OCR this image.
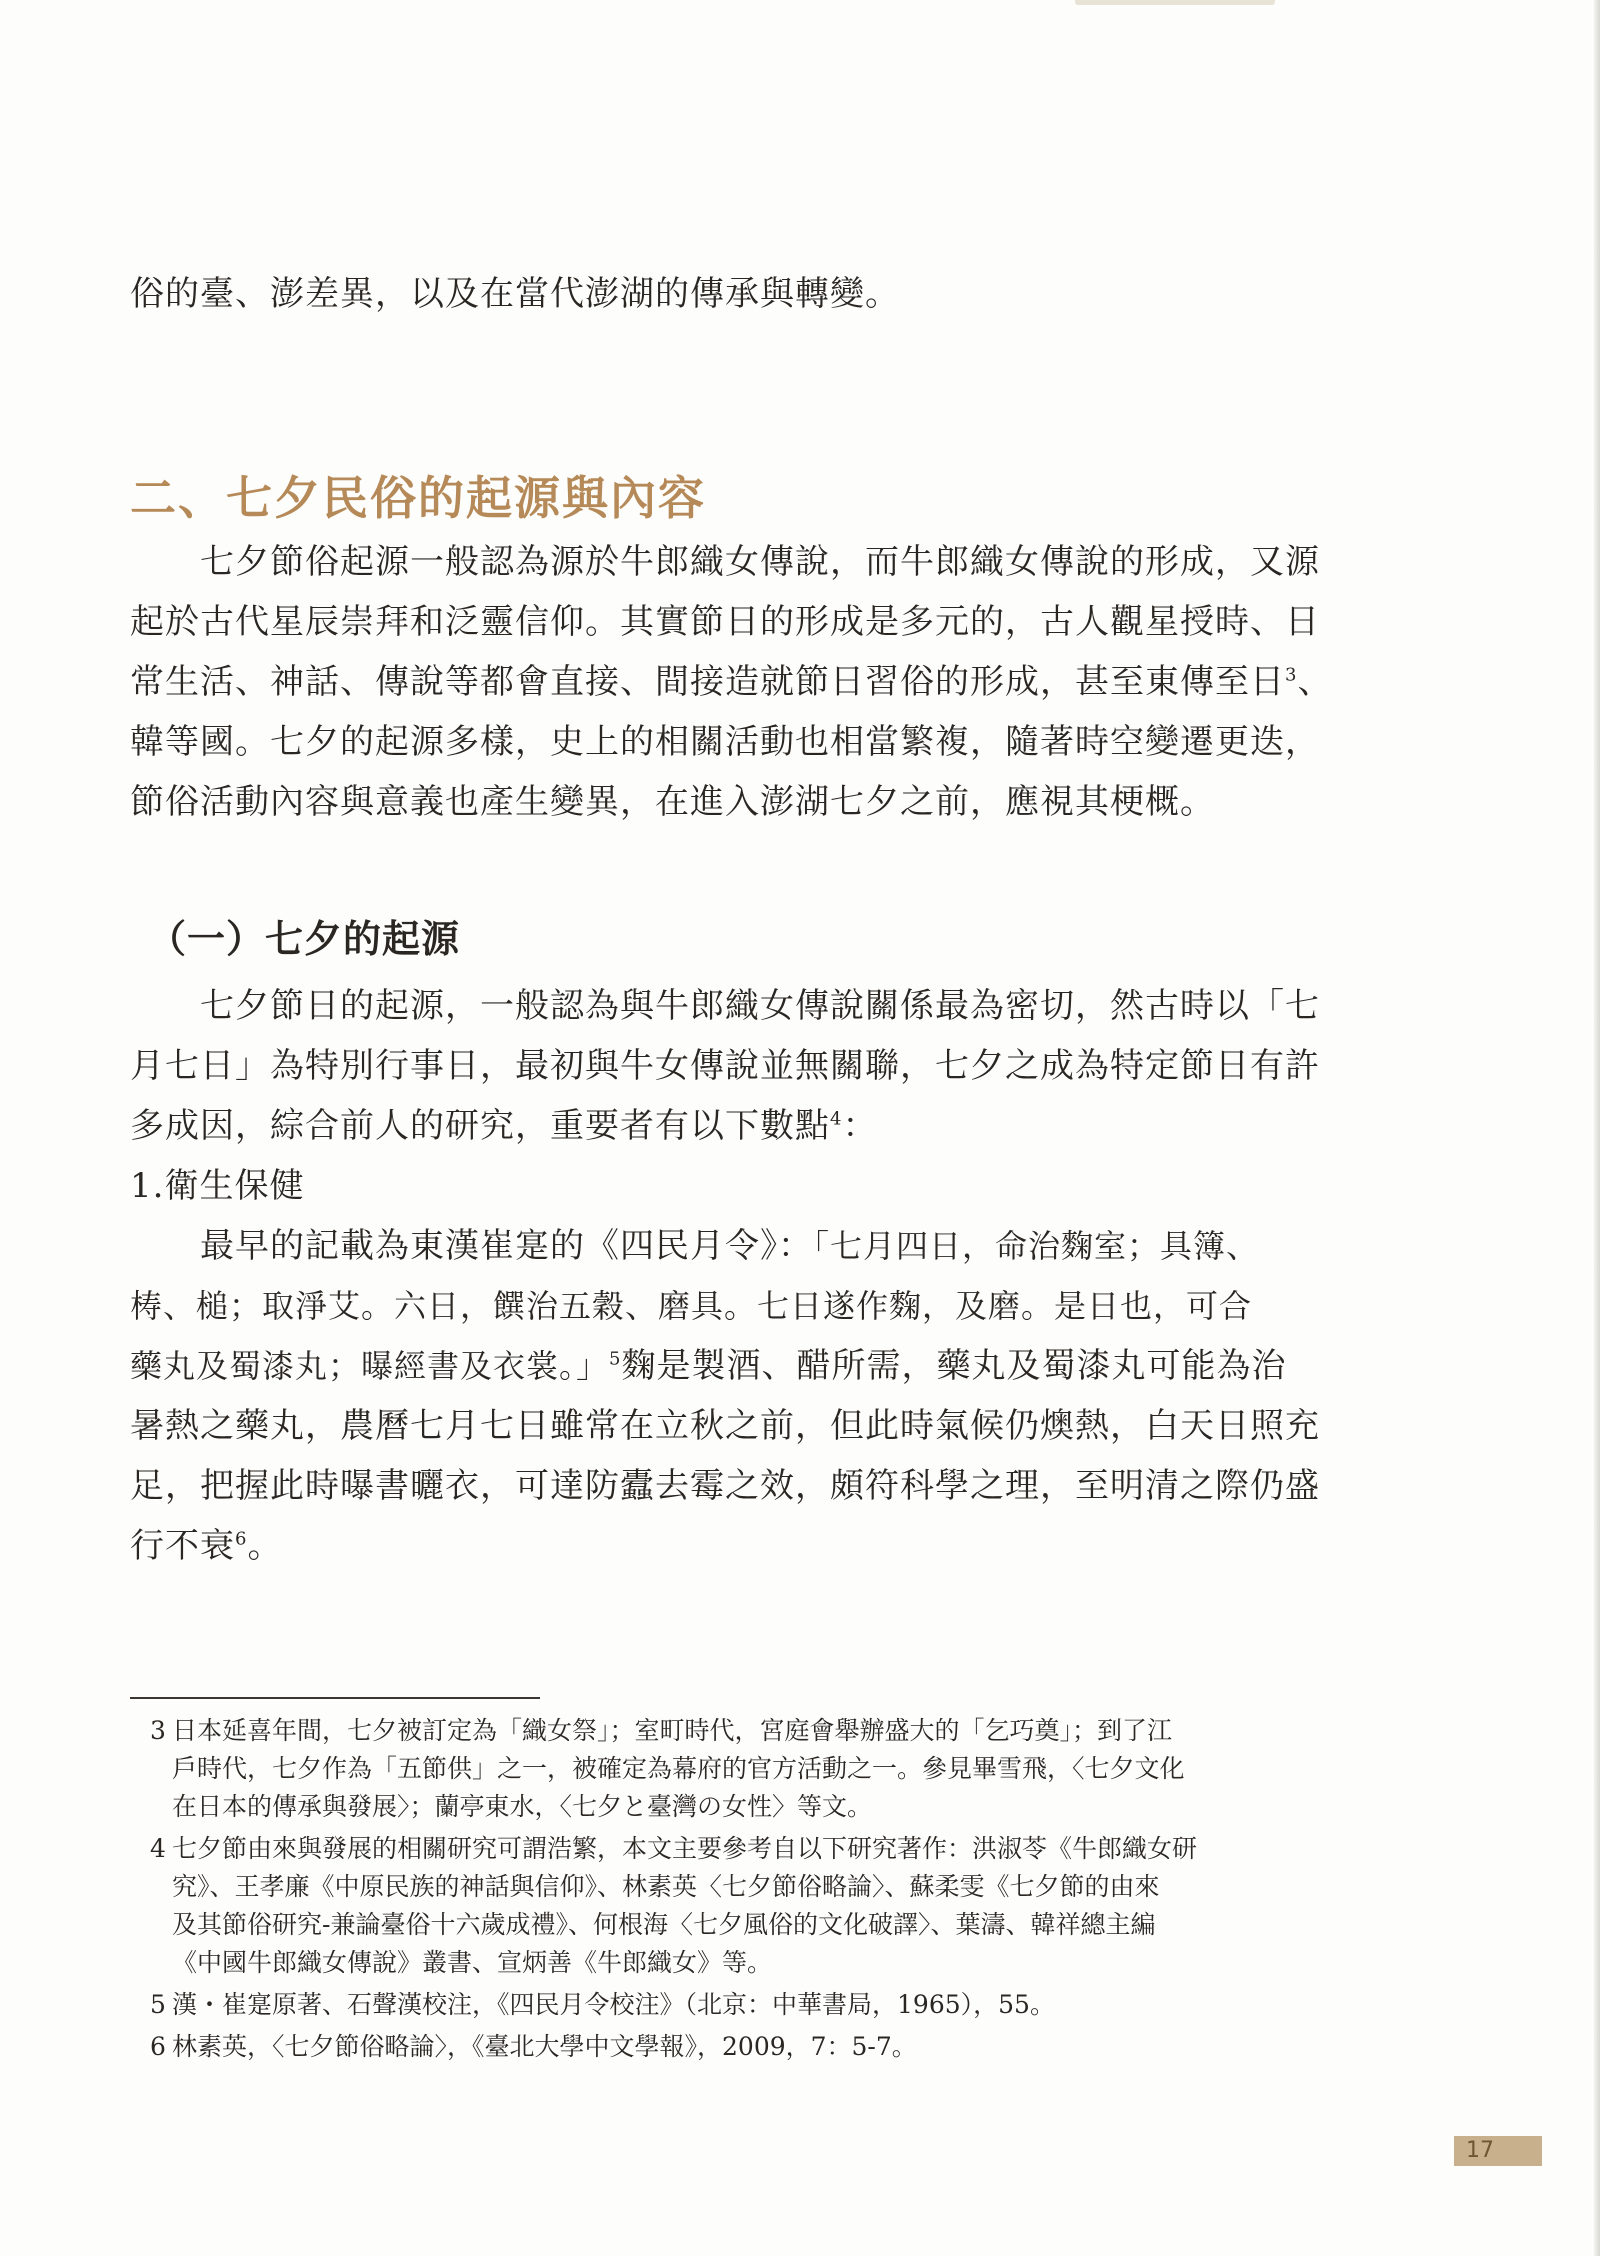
俗的臺、澎差異，以及在當代澎湖的傳承與轉變。

二、七夕民俗的起源與內容

七夕節俗起源一般認為源於牛郎織女傳說，而牛郎織女傳說的形成，又源
起於古代星辰崇拜和泛靈信仰。其實節日的形成是多元的，古人觀星授時、日
常生活、神話、傳說等都會直接、間接造就節日習俗的形成，甚至東傳至日$^3$、
韓等國。七夕的起源多樣，史上的相關活動也相當繁複，隨著時空變遷更迭，
節俗活動內容與意義也產生變異，在進入澎湖七夕之前，應視其梗概。

（一）七夕的起源

七夕節日的起源，一般認為與牛郎織女傳說關係最為密切，然古時以「七
月七日」為特別行事日，最初與牛女傳說並無關聯，七夕之成為特定節日有許
多成因，綜合前人的研究，重要者有以下數點$^4$：
1.衛生保健
最早的記載為東漢崔寔的《四民月令》：「七月四日，命治麴室；具簿、
梼、槌；取淨艾。六日，饌治五穀、磨具。七日遂作麴，及磨。是日也，可合
藥丸及蜀漆丸；曝經書及衣裳。」$^5$麴是製酒、醋所需，藥丸及蜀漆丸可能為治
暑熱之藥丸，農曆七月七日雖常在立秋之前，但此時氣候仍燠熱，白天日照充
足，把握此時曝書曬衣，可達防蠹去霉之效，頗符科學之理，至明清之際仍盛
行不衰$^6$。

3 日本延喜年間，七夕被訂定為「織女祭」；室町時代，宮庭會舉辦盛大的「乞巧奠」；到了江
戶時代，七夕作為「五節供」之一，被確定為幕府的官方活動之一。參見畢雪飛，〈七夕文化
在日本的傳承與發展〉；蘭亭東水，〈七夕と臺灣の女性〉等文。
4 七夕節由來與發展的相關研究可謂浩繁，本文主要參考自以下研究著作：洪淑苓《牛郎織女研
究》、王孝廉《中原民族的神話與信仰》、林素英〈七夕節俗略論〉、蘇柔雯《七夕節的由來
及其節俗研究-兼論臺俗十六歲成禮》、何根海〈七夕風俗的文化破譯〉、葉濤、韓祥總主編
《中國牛郎織女傳說》叢書、宣炳善《牛郎織女》等。
5 漢・崔寔原著、石聲漢校注，《四民月令校注》（北京：中華書局，1965），55。
6 林素英，〈七夕節俗略論〉，《臺北大學中文學報》，2009，7：5-7。
17
